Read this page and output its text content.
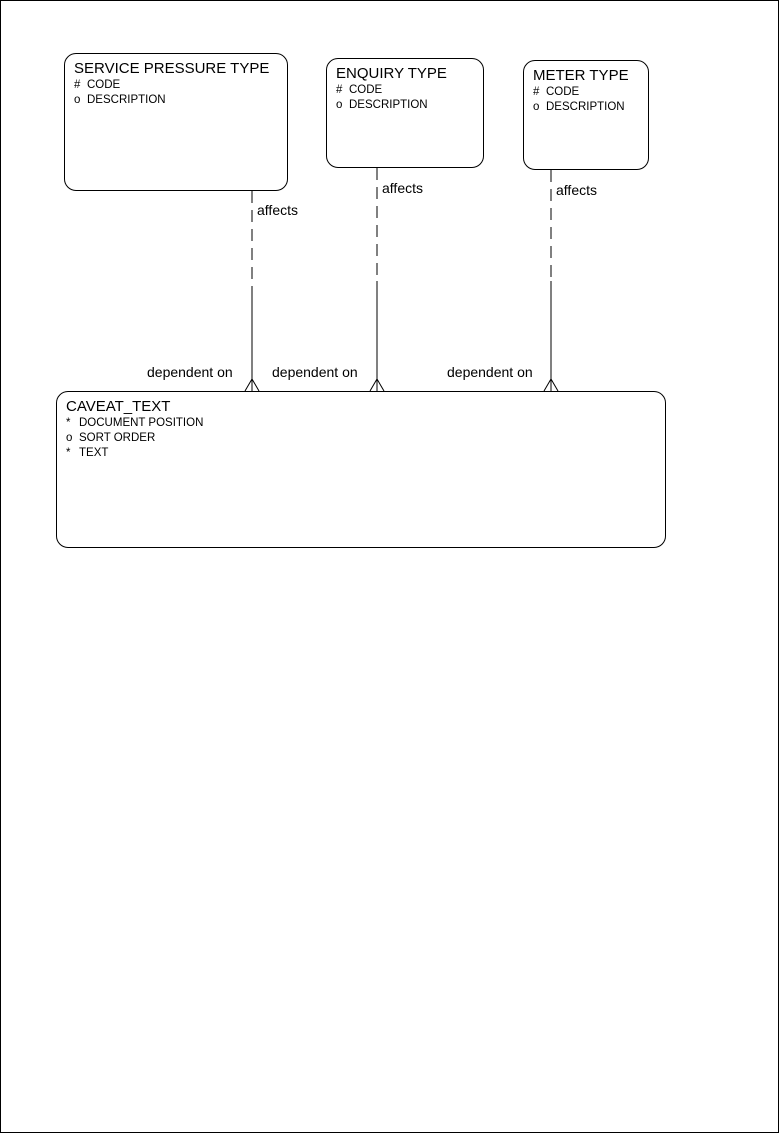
SERVICE PRESSURE TYPE
# CODE
o DESCRIPTION
ENQUIRY TYPE
# CODE
o DESCRIPTION
METER TYPE
# CODE
o DESCRIPTION
CAVEAT_TEXT
* DOCUMENT POSITION
o SORT ORDER
* TEXT
affects
affects	affects
dependent on	dependent on	dependent on
